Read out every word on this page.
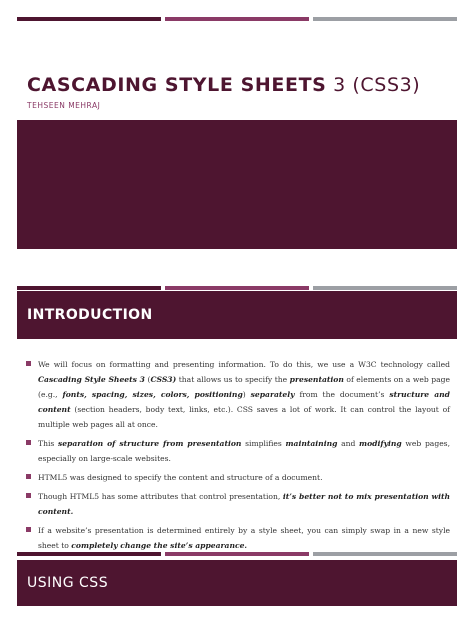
CASCADING STYLE SHEETS 3 (CSS3)
TEHSEEN MEHRAJ
INTRODUCTION
We will focus on formatting and presenting information. To do this, we use a W3C technology called Cascading Style Sheets 3 (CSS3) that allows us to specify the presentation of elements on a web page (e.g., fonts, spacing, sizes, colors, positioning) separately from the document’s structure and content (section headers, body text, links, etc.). CSS saves a lot of work. It can control the layout of multiple web pages all at once.
This separation of structure from presentation simplifies maintaining and modifying web pages, especially on large-scale websites.
HTML5 was designed to specify the content and structure of a document.
Though HTML5 has some attributes that control presentation, it’s better not to mix presentation with content.
If a website’s presentation is determined entirely by a style sheet, you can simply swap in a new style sheet to completely change the site’s appearance.
USING CSS
